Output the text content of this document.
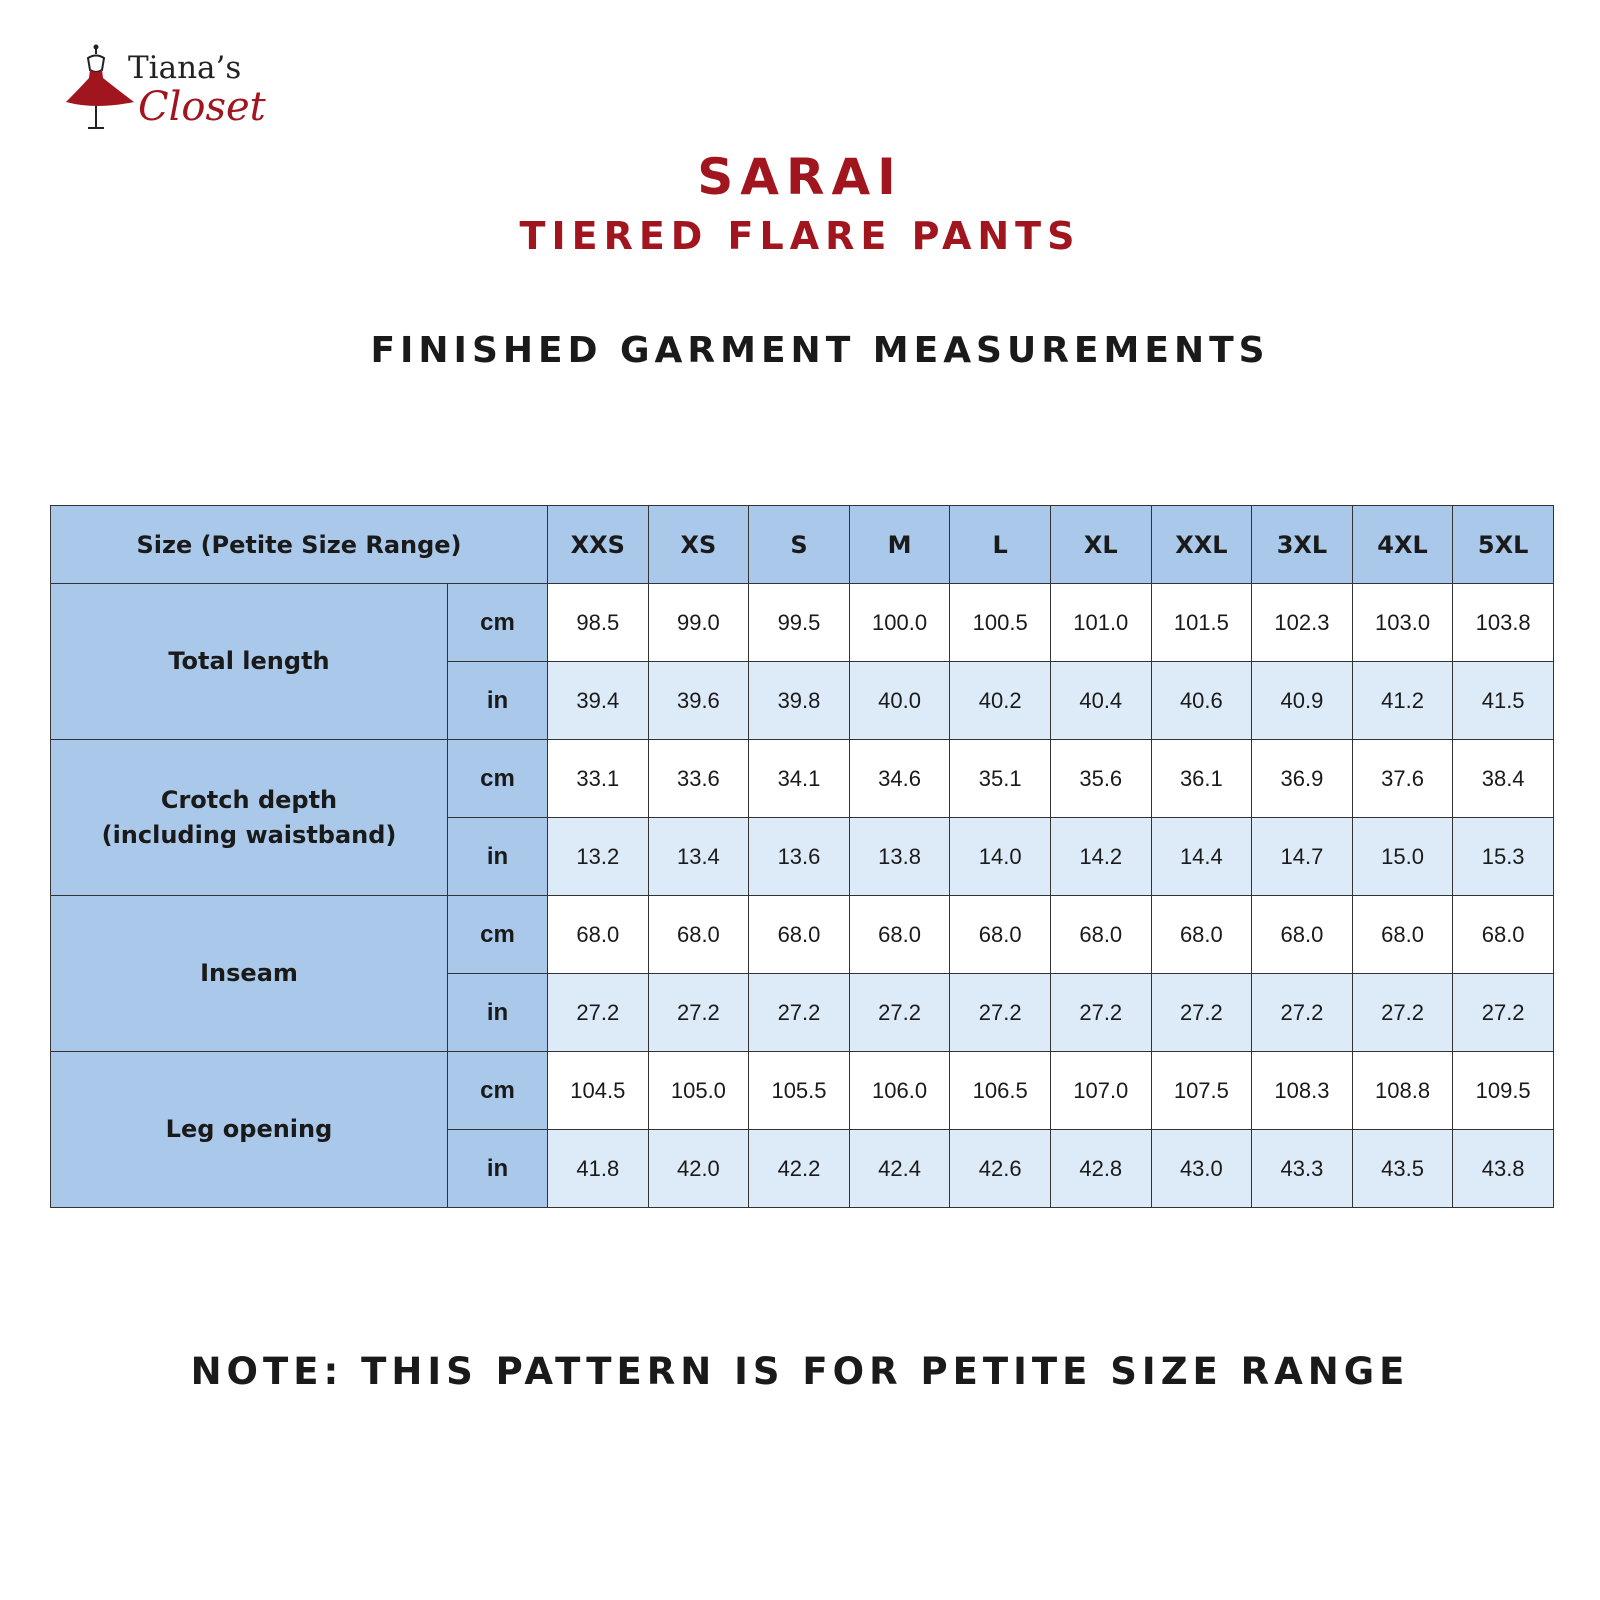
Tiana’s
Closet
SARAI
TIERED FLARE PANTS
FINISHED GARMENT MEASUREMENTS
Size (Petite Size Range)		XXS	XS	S	M	L	XL	XXL	3XL	4XL	5XL

Total length	cm	98.5	99.0	99.5	100.0	100.5	101.0	101.5	102.3	103.0	103.8
	in	39.4	39.6	39.8	40.0	40.2	40.4	40.6	40.9	41.2	41.5

Crotch depth
(including waistband)	cm	33.1	33.6	34.1	34.6	35.1	35.6	36.1	36.9	37.6	38.4
	in	13.2	13.4	13.6	13.8	14.0	14.2	14.4	14.7	15.0	15.3

Inseam	cm	68.0	68.0	68.0	68.0	68.0	68.0	68.0	68.0	68.0	68.0
	in	27.2	27.2	27.2	27.2	27.2	27.2	27.2	27.2	27.2	27.2

Leg opening	cm	104.5	105.0	105.5	106.0	106.5	107.0	107.5	108.3	108.8	109.5
	in	41.8	42.0	42.2	42.4	42.6	42.8	43.0	43.3	43.5	43.8
NOTE: THIS PATTERN IS FOR PETITE SIZE RANGE
